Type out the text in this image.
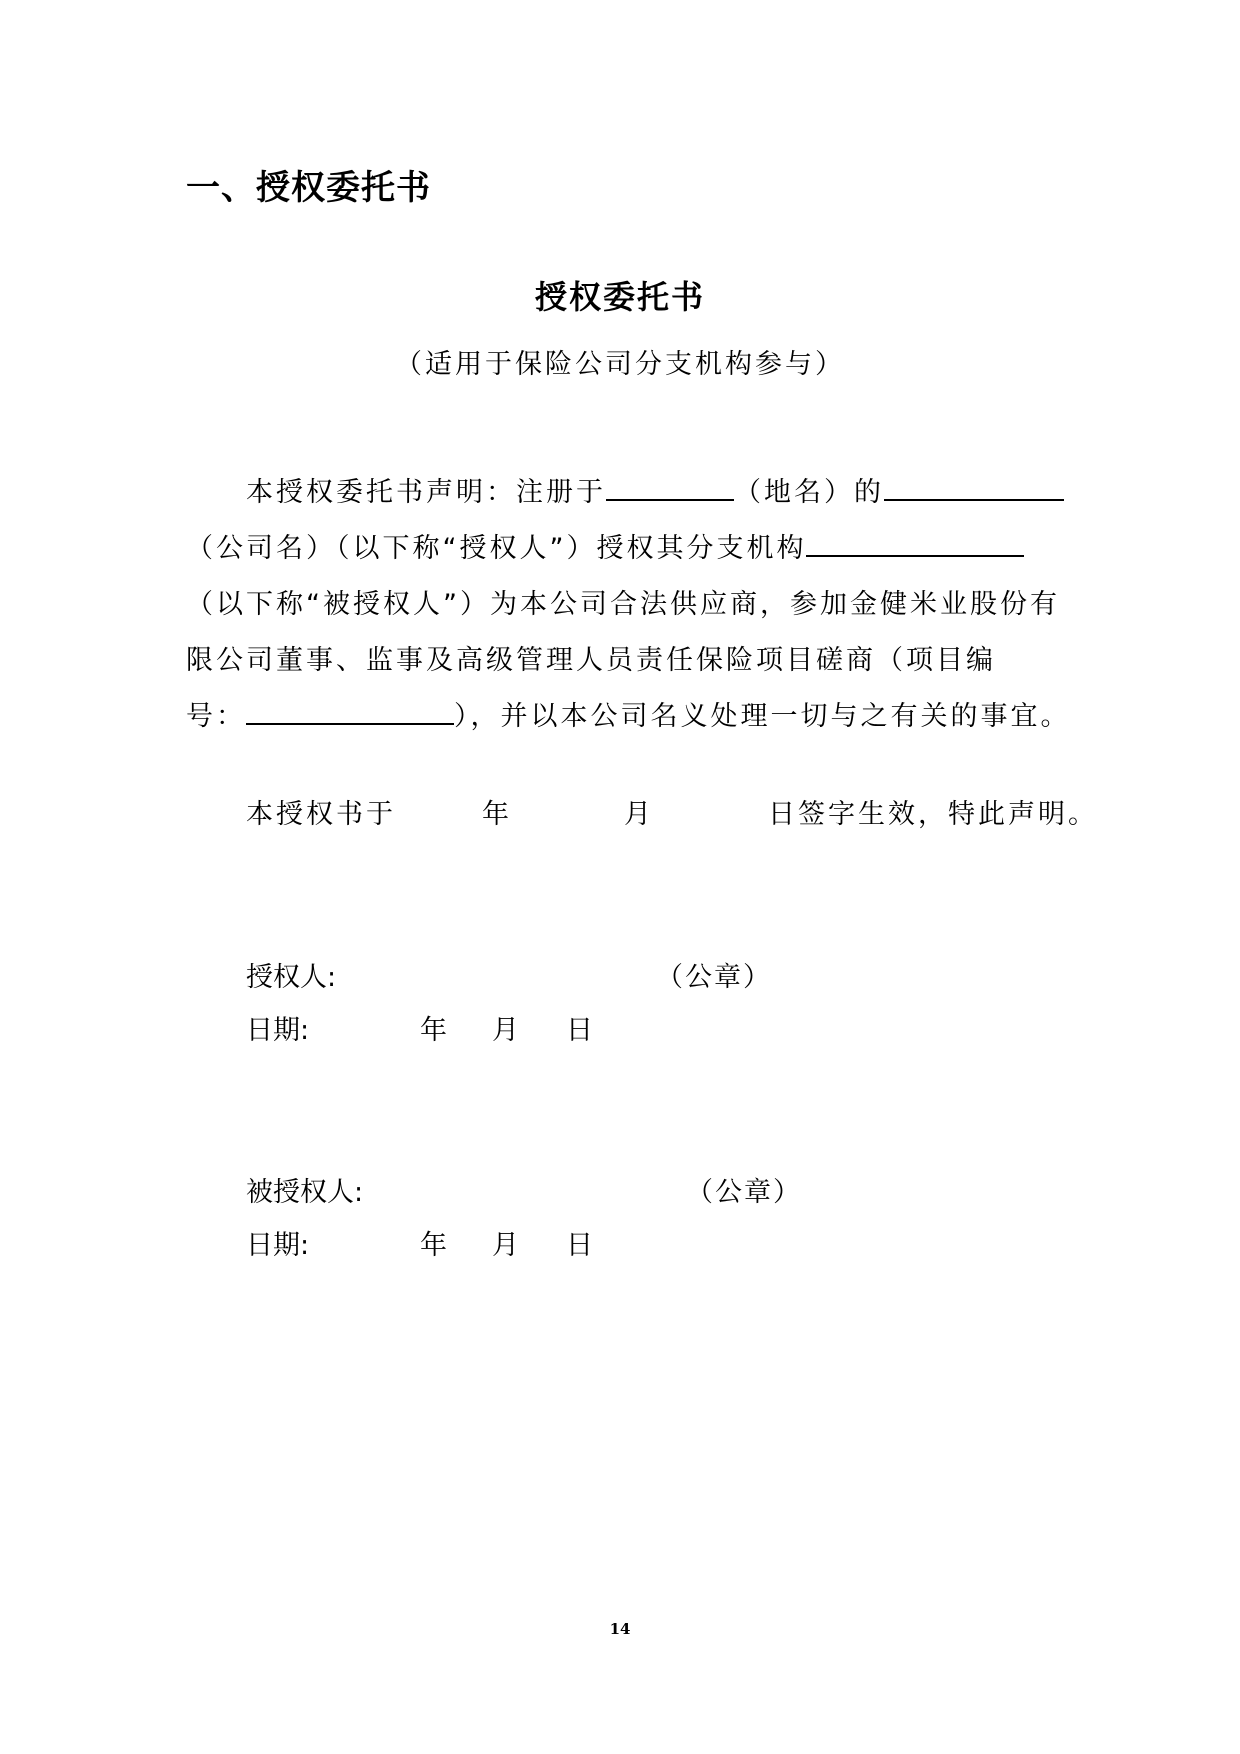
一、授权委托书
授权委托书
（适用于保险公司分支机构参与）
本授权委托书声明：注册于	（地名）的
（公司名）（以下称“授权人”）授权其分支机构
（以下称“被授权人”）为本公司合法供应商，参加金健米业股份有
限公司董事、监事及高级管理人员责任保险项目磋商（项目编
号：	），并以本公司名义处理一切与之有关的事宜。
本授权书于	年	月	日签字生效，特此声明。
授权人:	（公章）
日期:	年 月 日
被授权人:	（公章）
日期:	年 月 日
14
